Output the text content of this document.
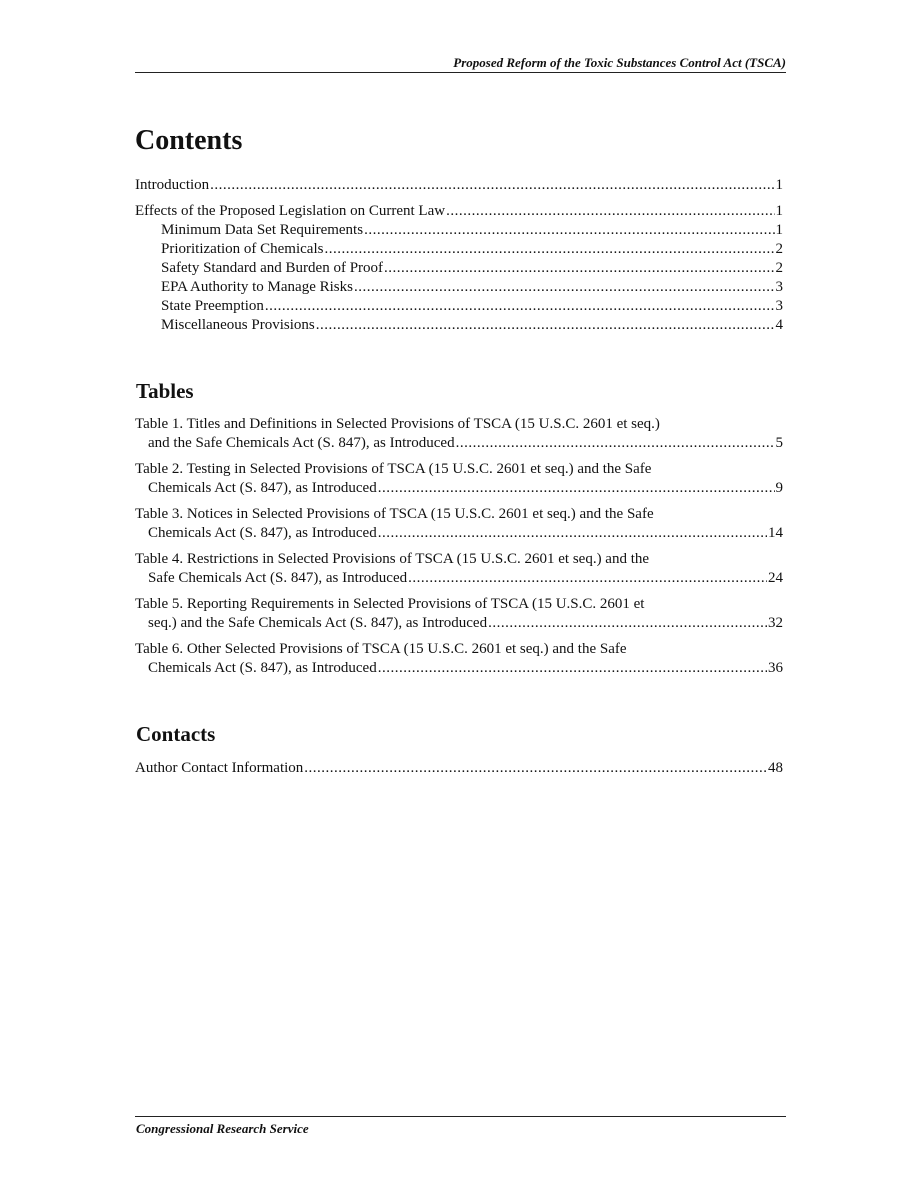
Proposed Reform of the Toxic Substances Control Act (TSCA)
Contents
Introduction .....	1
Effects of the Proposed Legislation on Current Law .....	1
Minimum Data Set Requirements .....	1
Prioritization of Chemicals .....	2
Safety Standard and Burden of Proof .....	2
EPA Authority to Manage Risks .....	3
State Preemption .....	3
Miscellaneous Provisions .....	4
Tables
Table 1. Titles and Definitions in Selected Provisions of TSCA (15 U.S.C. 2601 et seq.)
and the Safe Chemicals Act (S. 847), as Introduced .....	5
Table 2. Testing in Selected Provisions of TSCA (15 U.S.C. 2601 et seq.) and the Safe
Chemicals Act (S. 847), as Introduced .....	9
Table 3. Notices in Selected Provisions of TSCA (15 U.S.C. 2601 et seq.) and the Safe
Chemicals Act (S. 847), as Introduced .....	14
Table 4. Restrictions in Selected Provisions of TSCA (15 U.S.C. 2601 et seq.) and the
Safe Chemicals Act (S. 847), as Introduced .....	24
Table 5. Reporting Requirements in Selected Provisions of TSCA (15 U.S.C. 2601 et
seq.) and the Safe Chemicals Act (S. 847), as Introduced .....	32
Table 6. Other Selected Provisions of TSCA (15 U.S.C. 2601 et seq.) and the Safe
Chemicals Act (S. 847), as Introduced .....	36
Contacts
Author Contact Information .....	48
Congressional Research Service
